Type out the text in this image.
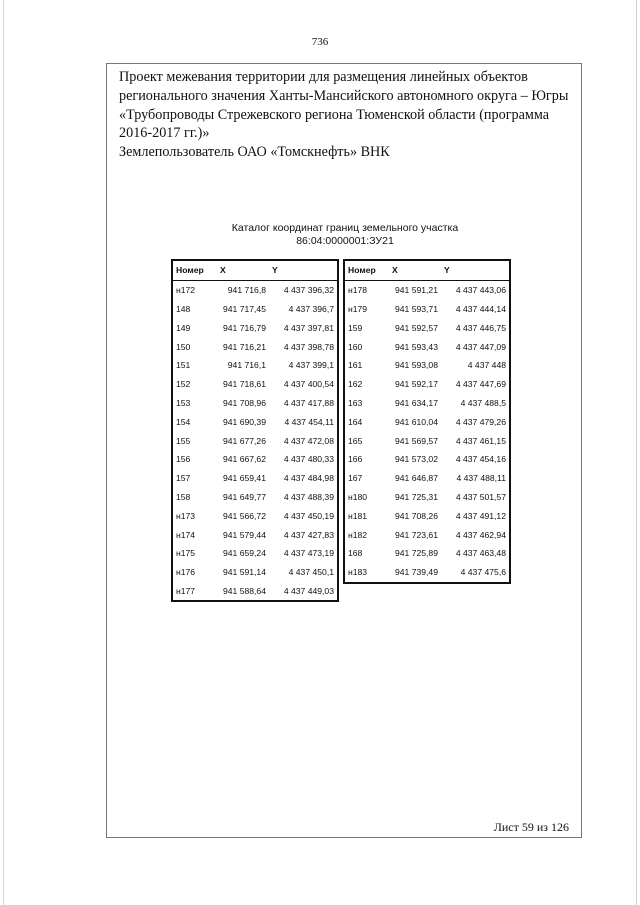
736
Проект межевания территории для размещения линейных объектов
регионального значения Ханты-Мансийского автономного округа – Югры
«Трубопроводы Стрежевского региона Тюменской области (программа
2016-2017 гг.)»
Землепользователь ОАО «Томскнефть» ВНК
Каталог координат границ земельного участка
86:04:0000001:ЗУ21
Номер	X	Y
н172	941 716,8	4 437 396,32
148	941 717,45	4 437 396,7
149	941 716,79	4 437 397,81
150	941 716,21	4 437 398,78
151	941 716,1	4 437 399,1
152	941 718,61	4 437 400,54
153	941 708,96	4 437 417,88
154	941 690,39	4 437 454,11
155	941 677,26	4 437 472,08
156	941 667,62	4 437 480,33
157	941 659,41	4 437 484,98
158	941 649,77	4 437 488,39
н173	941 566,72	4 437 450,19
н174	941 579,44	4 437 427,83
н175	941 659,24	4 437 473,19
н176	941 591,14	4 437 450,1
н177	941 588,64	4 437 449,03
Номер	X	Y
н178	941 591,21	4 437 443,06
н179	941 593,71	4 437 444,14
159	941 592,57	4 437 446,75
160	941 593,43	4 437 447,09
161	941 593,08	4 437 448
162	941 592,17	4 437 447,69
163	941 634,17	4 437 488,5
164	941 610,04	4 437 479,26
165	941 569,57	4 437 461,15
166	941 573,02	4 437 454,16
167	941 646,87	4 437 488,11
н180	941 725,31	4 437 501,57
н181	941 708,26	4 437 491,12
н182	941 723,61	4 437 462,94
168	941 725,89	4 437 463,48
н183	941 739,49	4 437 475,6
Лист 59 из 126
